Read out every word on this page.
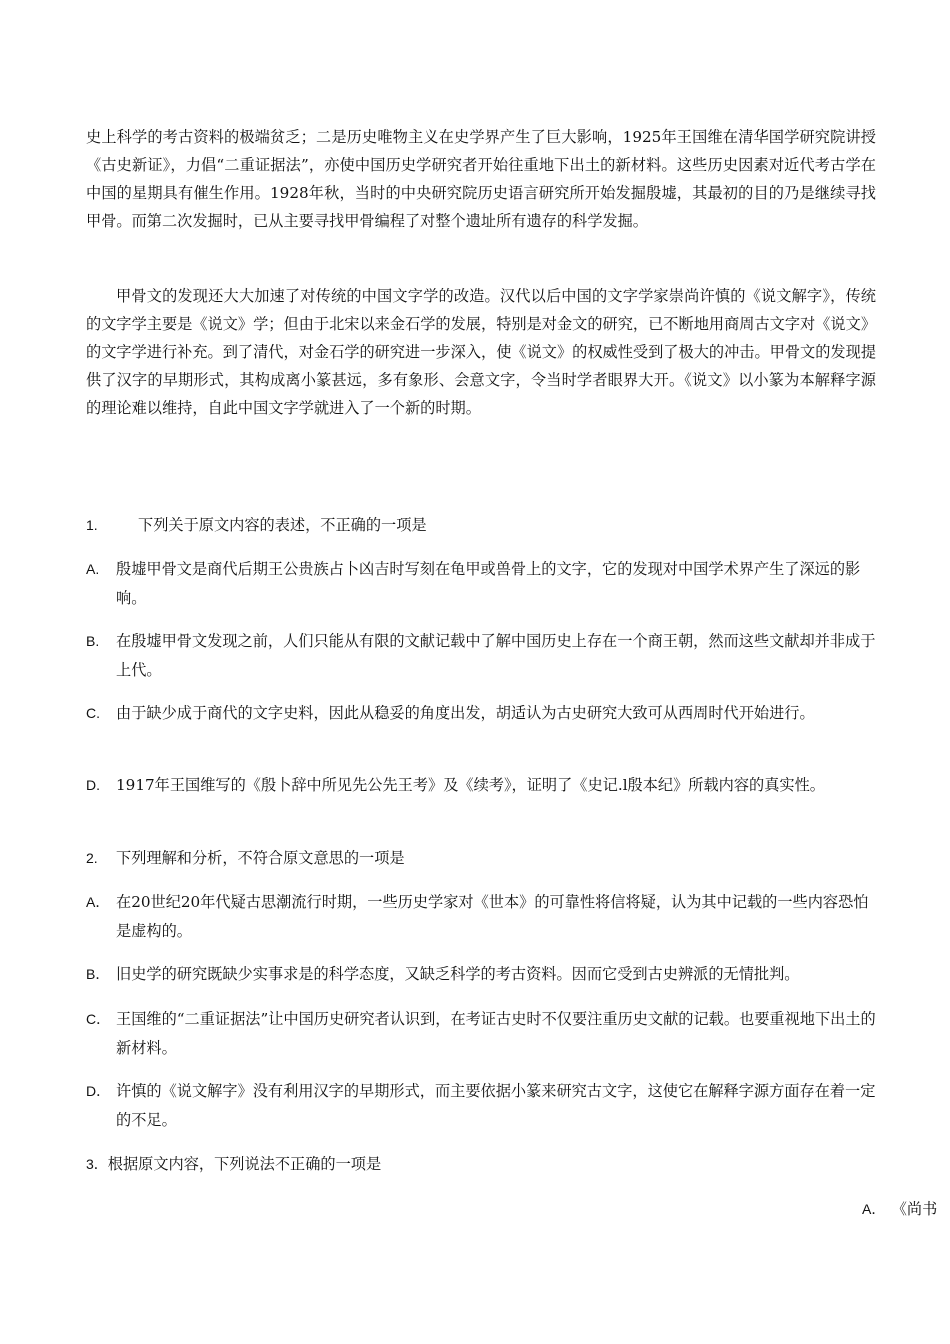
史上科学的考古资料的极端贫乏；二是历史唯物主义在史学界产生了巨大影响，1925年王国维在清华国学研究院讲授《古史新证》，力倡“二重证据法”，亦使中国历史学研究者开始往重地下出土的新材料。这些历史因素对近代考古学在中国的星期具有催生作用。1928年秋，当时的中央研究院历史语言研究所开始发掘殷墟，其最初的目的乃是继续寻找甲骨。而第二次发掘时，已从主要寻找甲骨编程了对整个遗址所有遗存的科学发掘。

甲骨文的发现还大大加速了对传统的中国文字学的改造。汉代以后中国的文字学家崇尚许慎的《说文解字》，传统的文字学主要是《说文》学；但由于北宋以来金石学的发展，特别是对金文的研究，已不断地用商周古文字对《说文》的文字学进行补充。到了清代，对金石学的研究进一步深入，使《说文》的权威性受到了极大的冲击。甲骨文的发现提供了汉字的早期形式，其构成离小篆甚远，多有象形、会意文字，令当时学者眼界大开。《说文》以小篆为本解释字源的理论难以维持，自此中国文字学就进入了一个新的时期。

1.	下列关于原文内容的表述，不正确的一项是

A.	殷墟甲骨文是商代后期王公贵族占卜凶吉时写刻在龟甲或兽骨上的文字，它的发现对中国学术界产生了深远的影响。

B.	在殷墟甲骨文发现之前，人们只能从有限的文献记载中了解中国历史上存在一个商王朝，然而这些文献却并非成于上代。

C.	由于缺少成于商代的文字史料，因此从稳妥的角度出发，胡适认为古史研究大致可从西周时代开始进行。

D.	1917年王国维写的《殷卜辞中所见先公先王考》及《续考》，证明了《史记.l殷本纪》所载内容的真实性。

2. 下列理解和分析，不符合原文意思的一项是

A． 在20世纪20年代疑古思潮流行时期，一些历史学家对《世本》的可靠性将信将疑，认为其中记载的一些内容恐怕是虚构的。

B． 旧史学的研究既缺少实事求是的科学态度，又缺乏科学的考古资料。因而它受到古史辨派的无情批判。

C． 王国维的“二重证据法”让中国历史研究者认识到，在考证古史时不仅要注重历史文献的记载。也要重视地下出土的新材料。

D． 许慎的《说文解字》没有利用汉字的早期形式，而主要依据小篆来研究古文字，这使它在解释字源方面存在着一定的不足。

3．根据原文内容，下列说法不正确的一项是

A． 《尚书
